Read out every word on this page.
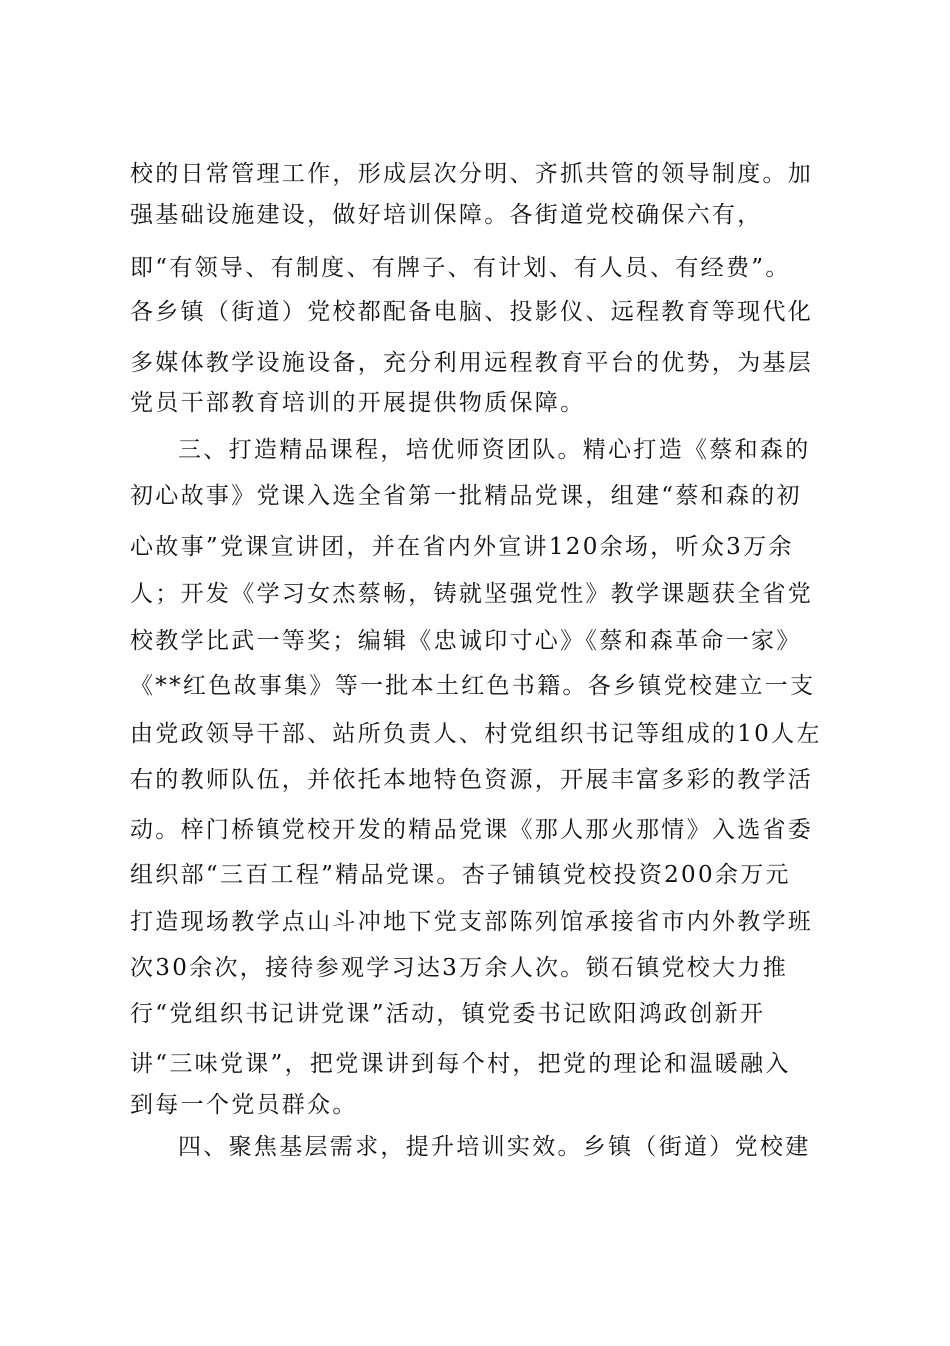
校的日常管理工作，形成层次分明、齐抓共管的领导制度。加
强基础设施建设，做好培训保障。各街道党校确保六有，
即“有领导、有制度、有牌子、有计划、有人员、有经费”。
各乡镇（街道）党校都配备电脑、投影仪、远程教育等现代化
多媒体教学设施设备，充分利用远程教育平台的优势，为基层
党员干部教育培训的开展提供物质保障。
三、打造精品课程，培优师资团队。精心打造《蔡和森的
初心故事》党课入选全省第一批精品党课，组建“蔡和森的初
心故事”党课宣讲团，并在省内外宣讲120余场，听众3万余
人；开发《学习女杰蔡畅，铸就坚强党性》教学课题获全省党
校教学比武一等奖；编辑《忠诚印寸心》《蔡和森革命一家》
《**红色故事集》等一批本土红色书籍。各乡镇党校建立一支
由党政领导干部、站所负责人、村党组织书记等组成的10人左
右的教师队伍，并依托本地特色资源，开展丰富多彩的教学活
动。梓门桥镇党校开发的精品党课《那人那火那情》入选省委
组织部“三百工程”精品党课。杏子铺镇党校投资200余万元
打造现场教学点山斗冲地下党支部陈列馆承接省市内外教学班
次30余次，接待参观学习达3万余人次。锁石镇党校大力推
行“党组织书记讲党课”活动，镇党委书记欧阳鸿政创新开
讲“三味党课”，把党课讲到每个村，把党的理论和温暖融入
到每一个党员群众。
四、聚焦基层需求，提升培训实效。乡镇（街道）党校建
